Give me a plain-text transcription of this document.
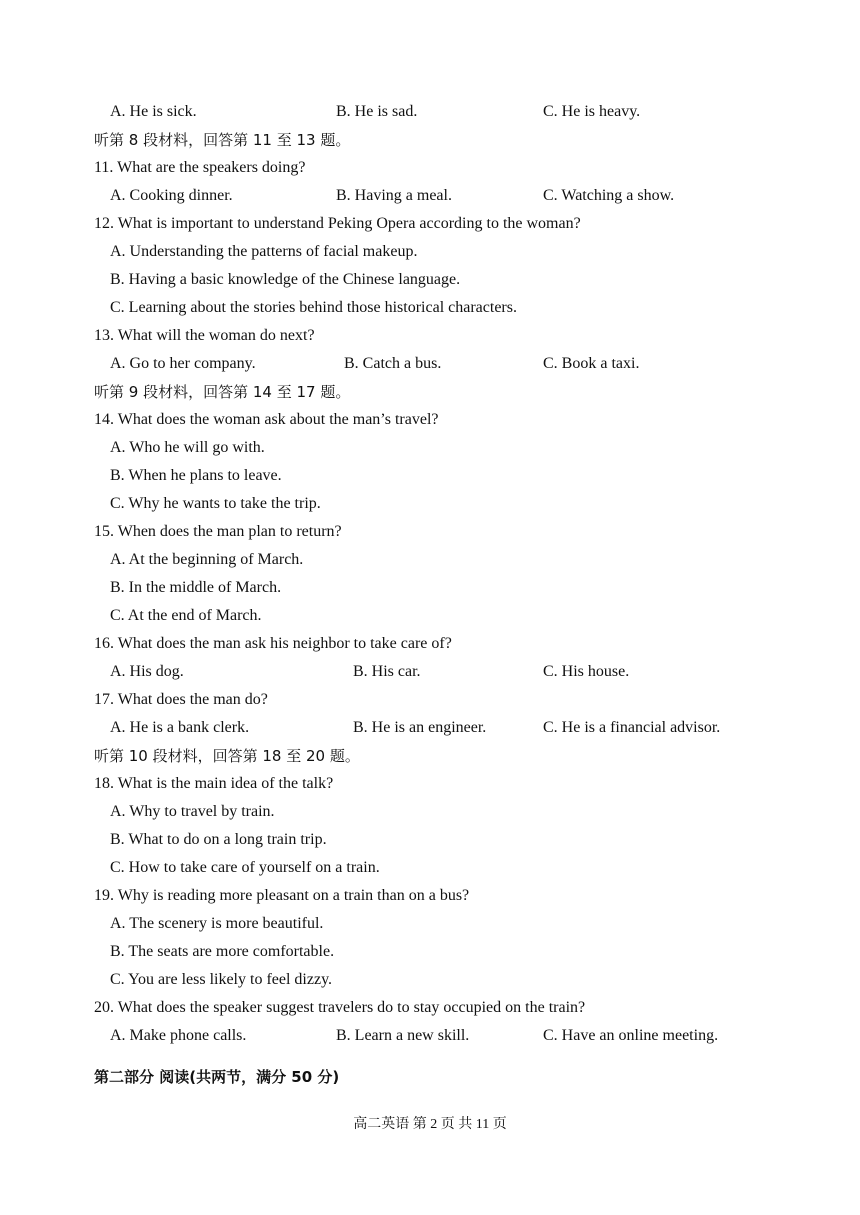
A. He is sick.	B. He is sad.	C. He is heavy.
听第 8 段材料，回答第 11 至 13 题。
11. What are the speakers doing?
A. Cooking dinner.	B. Having a meal.	C. Watching a show.
12. What is important to understand Peking Opera according to the woman?
A. Understanding the patterns of facial makeup.
B. Having a basic knowledge of the Chinese language.
C. Learning about the stories behind those historical characters.
13. What will the woman do next?
A. Go to her company.	B. Catch a bus.	C. Book a taxi.
听第 9 段材料，回答第 14 至 17 题。
14. What does the woman ask about the man’s travel?
A. Who he will go with.
B. When he plans to leave.
C. Why he wants to take the trip.
15. When does the man plan to return?
A. At the beginning of March.
B. In the middle of March.
C. At the end of March.
16. What does the man ask his neighbor to take care of?
A. His dog.	B. His car.	C. His house.
17. What does the man do?
A. He is a bank clerk.	B. He is an engineer.	C. He is a financial advisor.
听第 10 段材料，回答第 18 至 20 题。
18. What is the main idea of the talk?
A. Why to travel by train.
B. What to do on a long train trip.
C. How to take care of yourself on a train.
19. Why is reading more pleasant on a train than on a bus?
A. The scenery is more beautiful.
B. The seats are more comfortable.
C. You are less likely to feel dizzy.
20. What does the speaker suggest travelers do to stay occupied on the train?
A. Make phone calls.	B. Learn a new skill.	C. Have an online meeting.
第二部分 阅读(共两节，满分 50 分)
高二英语 第 2 页 共 11 页
